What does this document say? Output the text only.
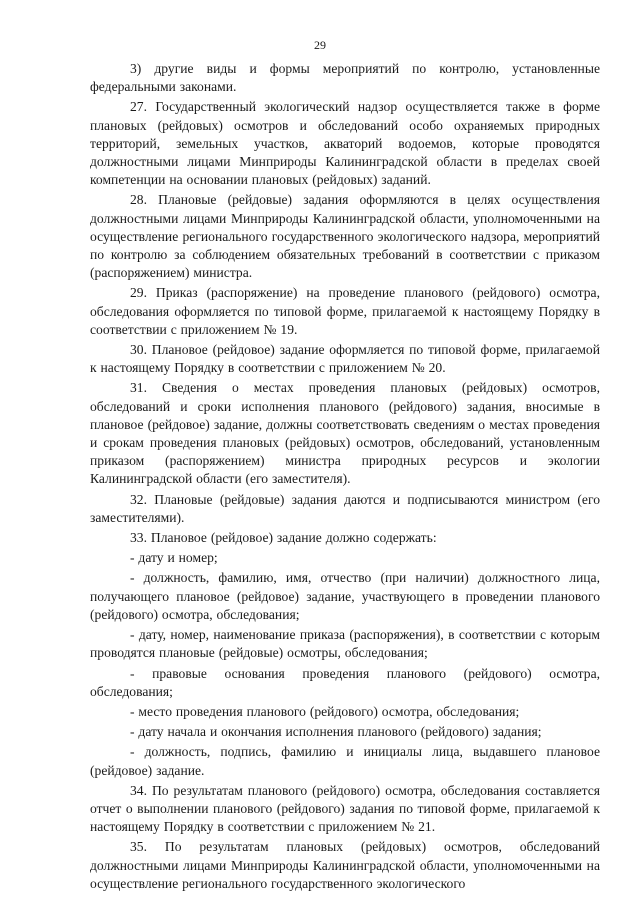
29

3) другие виды и формы мероприятий по контролю, установленные федеральными законами.

27. Государственный экологический надзор осуществляется также в форме плановых (рейдовых) осмотров и обследований особо охраняемых природных территорий, земельных участков, акваторий водоемов, которые проводятся должностными лицами Минприроды Калининградской области в пределах своей компетенции на основании плановых (рейдовых) заданий.

28. Плановые (рейдовые) задания оформляются в целях осуществления должностными лицами Минприроды Калининградской области, уполномоченными на осуществление регионального государственного экологического надзора, мероприятий по контролю за соблюдением обязательных требований в соответствии с приказом (распоряжением) министра.

29. Приказ (распоряжение) на проведение планового (рейдового) осмотра, обследования оформляется по типовой форме, прилагаемой к настоящему Порядку в соответствии с приложением № 19.

30. Плановое (рейдовое) задание оформляется по типовой форме, прилагаемой к настоящему Порядку в соответствии с приложением № 20.

31. Сведения о местах проведения плановых (рейдовых) осмотров, обследований и сроки исполнения планового (рейдового) задания, вносимые в плановое (рейдовое) задание, должны соответствовать сведениям о местах проведения и срокам проведения плановых (рейдовых) осмотров, обследований, установленным приказом (распоряжением) министра природных ресурсов и экологии Калининградской области (его заместителя).

32. Плановые (рейдовые) задания даются и подписываются министром (его заместителями).

33. Плановое (рейдовое) задание должно содержать:

- дату и номер;

- должность, фамилию, имя, отчество (при наличии) должностного лица, получающего плановое (рейдовое) задание, участвующего в проведении планового (рейдового) осмотра, обследования;

- дату, номер, наименование приказа (распоряжения), в соответствии с которым проводятся плановые (рейдовые) осмотры, обследования;

- правовые основания проведения планового (рейдового) осмотра, обследования;

- место проведения планового (рейдового) осмотра, обследования;

- дату начала и окончания исполнения планового (рейдового) задания;

- должность, подпись, фамилию и инициалы лица, выдавшего плановое (рейдовое) задание.

34. По результатам планового (рейдового) осмотра, обследования составляется отчет о выполнении планового (рейдового) задания по типовой форме, прилагаемой к настоящему Порядку в соответствии с приложением № 21.

35. По результатам плановых (рейдовых) осмотров, обследований должностными лицами Минприроды Калининградской области, уполномоченными на осуществление регионального государственного экологического
